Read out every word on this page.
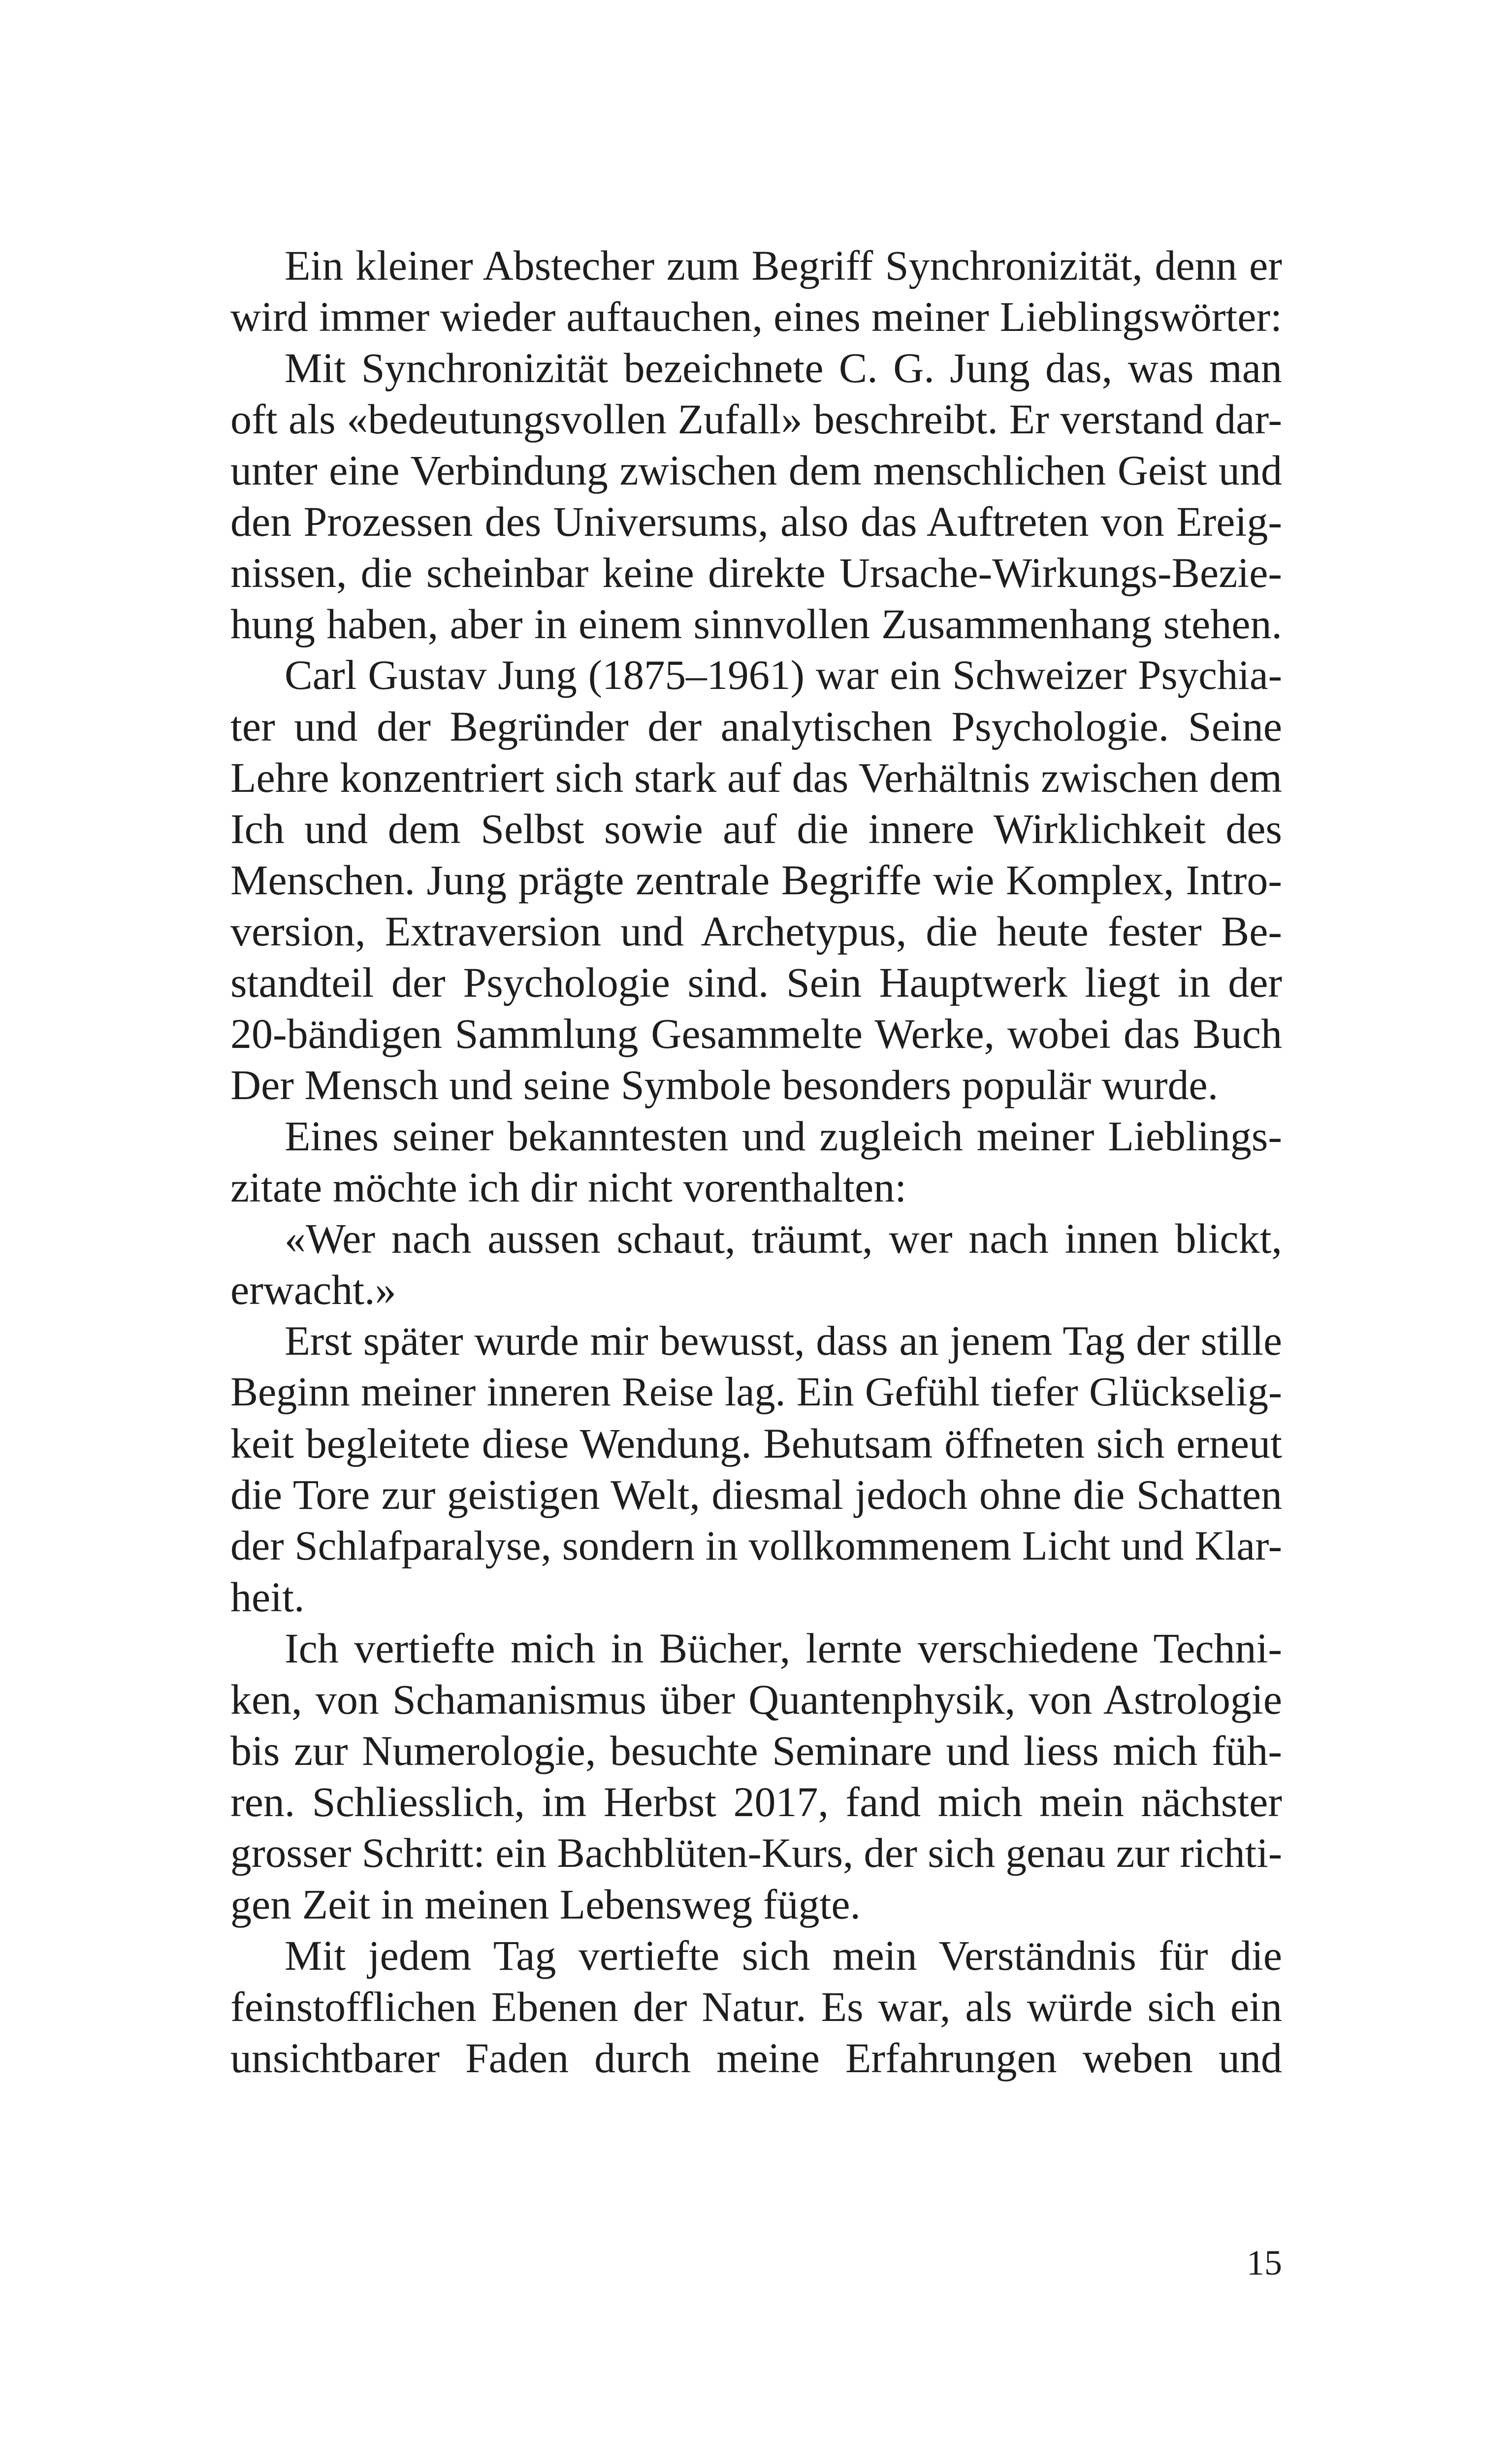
Ein kleiner Abstecher zum Begriff Synchronizität, denn er
wird immer wieder auftauchen, eines meiner Lieblingswörter:
Mit Synchronizität bezeichnete C. G. Jung das, was man
oft als «bedeutungsvollen Zufall» beschreibt. Er verstand dar-
unter eine Verbindung zwischen dem menschlichen Geist und
den Prozessen des Universums, also das Auftreten von Ereig-
nissen, die scheinbar keine direkte Ursache-Wirkungs-Bezie-
hung haben, aber in einem sinnvollen Zusammenhang stehen.
Carl Gustav Jung (1875–1961) war ein Schweizer Psychia-
ter und der Begründer der analytischen Psychologie. Seine
Lehre konzentriert sich stark auf das Verhältnis zwischen dem
Ich und dem Selbst sowie auf die innere Wirklichkeit des
Menschen. Jung prägte zentrale Begriffe wie Komplex, Intro-
version, Extraversion und Archetypus, die heute fester Be-
standteil der Psychologie sind. Sein Hauptwerk liegt in der
20-bändigen Sammlung Gesammelte Werke, wobei das Buch
Der Mensch und seine Symbole besonders populär wurde.
Eines seiner bekanntesten und zugleich meiner Lieblings-
zitate möchte ich dir nicht vorenthalten:
«Wer nach aussen schaut, träumt, wer nach innen blickt,
erwacht.»
Erst später wurde mir bewusst, dass an jenem Tag der stille
Beginn meiner inneren Reise lag. Ein Gefühl tiefer Glückselig-
keit begleitete diese Wendung. Behutsam öffneten sich erneut
die Tore zur geistigen Welt, diesmal jedoch ohne die Schatten
der Schlafparalyse, sondern in vollkommenem Licht und Klar-
heit.
Ich vertiefte mich in Bücher, lernte verschiedene Techni-
ken, von Schamanismus über Quantenphysik, von Astrologie
bis zur Numerologie, besuchte Seminare und liess mich füh-
ren. Schliesslich, im Herbst 2017, fand mich mein nächster
grosser Schritt: ein Bachblüten-Kurs, der sich genau zur richti-
gen Zeit in meinen Lebensweg fügte.
Mit jedem Tag vertiefte sich mein Verständnis für die
feinstofflichen Ebenen der Natur. Es war, als würde sich ein
unsichtbarer Faden durch meine Erfahrungen weben und
15
